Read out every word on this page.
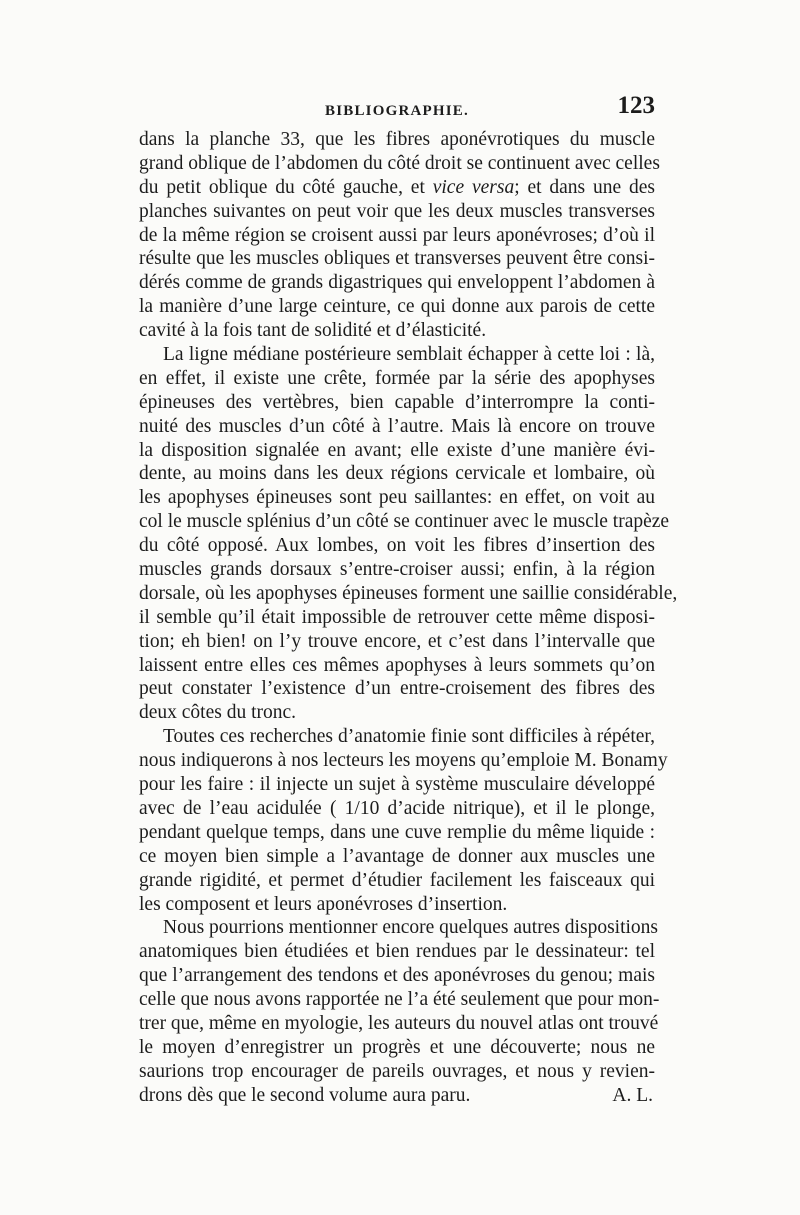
BIBLIOGRAPHIE.	123
dans la planche 33, que les fibres aponévrotiques du muscle
grand oblique de l’abdomen du côté droit se continuent avec celles
du petit oblique du côté gauche, et vice versa; et dans une des
planches suivantes on peut voir que les deux muscles transverses
de la même région se croisent aussi par leurs aponévroses; d’où il
résulte que les muscles obliques et transverses peuvent être consi-
dérés comme de grands digastriques qui enveloppent l’abdomen à
la manière d’une large ceinture, ce qui donne aux parois de cette
cavité à la fois tant de solidité et d’élasticité.
La ligne médiane postérieure semblait échapper à cette loi : là,
en effet, il existe une crête, formée par la série des apophyses
épineuses des vertèbres, bien capable d’interrompre la conti-
nuité des muscles d’un côté à l’autre. Mais là encore on trouve
la disposition signalée en avant; elle existe d’une manière évi-
dente, au moins dans les deux régions cervicale et lombaire, où
les apophyses épineuses sont peu saillantes: en effet, on voit au
col le muscle splénius d’un côté se continuer avec le muscle trapèze
du côté opposé. Aux lombes, on voit les fibres d’insertion des
muscles grands dorsaux s’entre-croiser aussi; enfin, à la région
dorsale, où les apophyses épineuses forment une saillie considérable,
il semble qu’il était impossible de retrouver cette même disposi-
tion; eh bien! on l’y trouve encore, et c’est dans l’intervalle que
laissent entre elles ces mêmes apophyses à leurs sommets qu’on
peut constater l’existence d’un entre-croisement des fibres des
deux côtes du tronc.
Toutes ces recherches d’anatomie finie sont difficiles à répéter,
nous indiquerons à nos lecteurs les moyens qu’emploie M. Bonamy
pour les faire : il injecte un sujet à système musculaire développé
avec de l’eau acidulée ( 1/10 d’acide nitrique), et il le plonge,
pendant quelque temps, dans une cuve remplie du même liquide :
ce moyen bien simple a l’avantage de donner aux muscles une
grande rigidité, et permet d’étudier facilement les faisceaux qui
les composent et leurs aponévroses d’insertion.
Nous pourrions mentionner encore quelques autres dispositions
anatomiques bien étudiées et bien rendues par le dessinateur: tel
que l’arrangement des tendons et des aponévroses du genou; mais
celle que nous avons rapportée ne l’a été seulement que pour mon-
trer que, même en myologie, les auteurs du nouvel atlas ont trouvé
le moyen d’enregistrer un progrès et une découverte; nous ne
saurions trop encourager de pareils ouvrages, et nous y revien-
drons dès que le second volume aura paru.	A. L.
